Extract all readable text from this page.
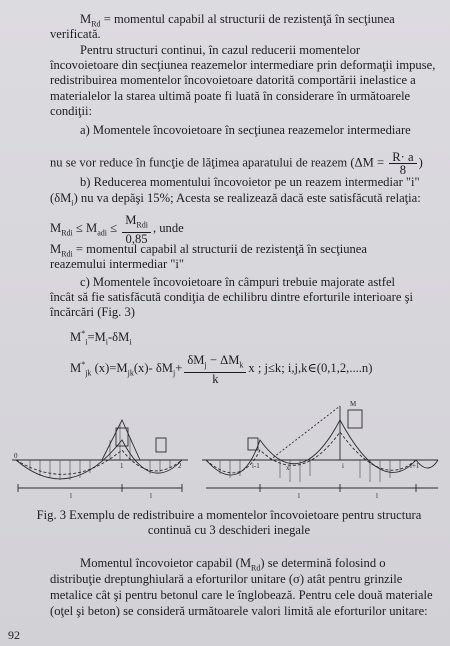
$M_{Rd}$ = momentul capabil al structurii de rezistenţă în secţiunea
verificată.
Pentru structuri continui, în cazul reducerii momentelor
încovoietoare din secţiunea reazemelor intermediare prin deformaţii impuse,
redistribuirea momentelor încovoietoare datorită comportării inelastice a
materialelor la starea ultimă poate fi luată în considerare în următoarele
condiţii:
a) Momentele încovoietoare în secţiunea reazemelor intermediare
nu se vor reduce în funcţie de lăţimea aparatului de reazem ($\Delta M = \frac{R\cdot a}{8}$ )
b) Reducerea momentului încovoietor pe un reazem intermediar "i"
$(\delta M_i)$ nu va depăşi 15%; Acesta se realizează dacă este satisfăcută relaţia:
$M_{Rdi} \le M_{adi} \le \frac{M_{Rdi}}{0,85}$ , unde
$M_{Rdi}$ = momentul capabil al structurii de rezistenţă în secţiunea
reazemului intermediar "i"
c) Momentele încovoietoare în câmpuri trebuie majorate astfel
încât să fie satisfăcută condiţia de echilibru dintre eforturile interioare şi
încărcări (Fig. 3)
$M^*_i=M_i-\delta M_i$
$M^*_{jk}$ $(x)=M_{jk}(x)-$ $\delta M_j+ \frac{\delta M_j - \Delta M_k}{k}$ x ; j≤k; i,j,k∈(0,1,2,....n)
0
1	2
l	l
i-1	i	i+1
l	l
x
M
Fig. 3 Exemplu de redistribuire a momentelor încovoietoare pentru structura
continuă cu 3 deschideri inegale
Momentul încovoietor capabil $(M_{Rd})$ se determină folosind o
distribuţie dreptunghiulară a eforturilor unitare (σ) atât pentru grinzile
metalice cât şi pentru betonul care le înglobează. Pentru cele două materiale
(oţel şi beton) se consideră următoarele valori limită ale eforturilor unitare:
92
